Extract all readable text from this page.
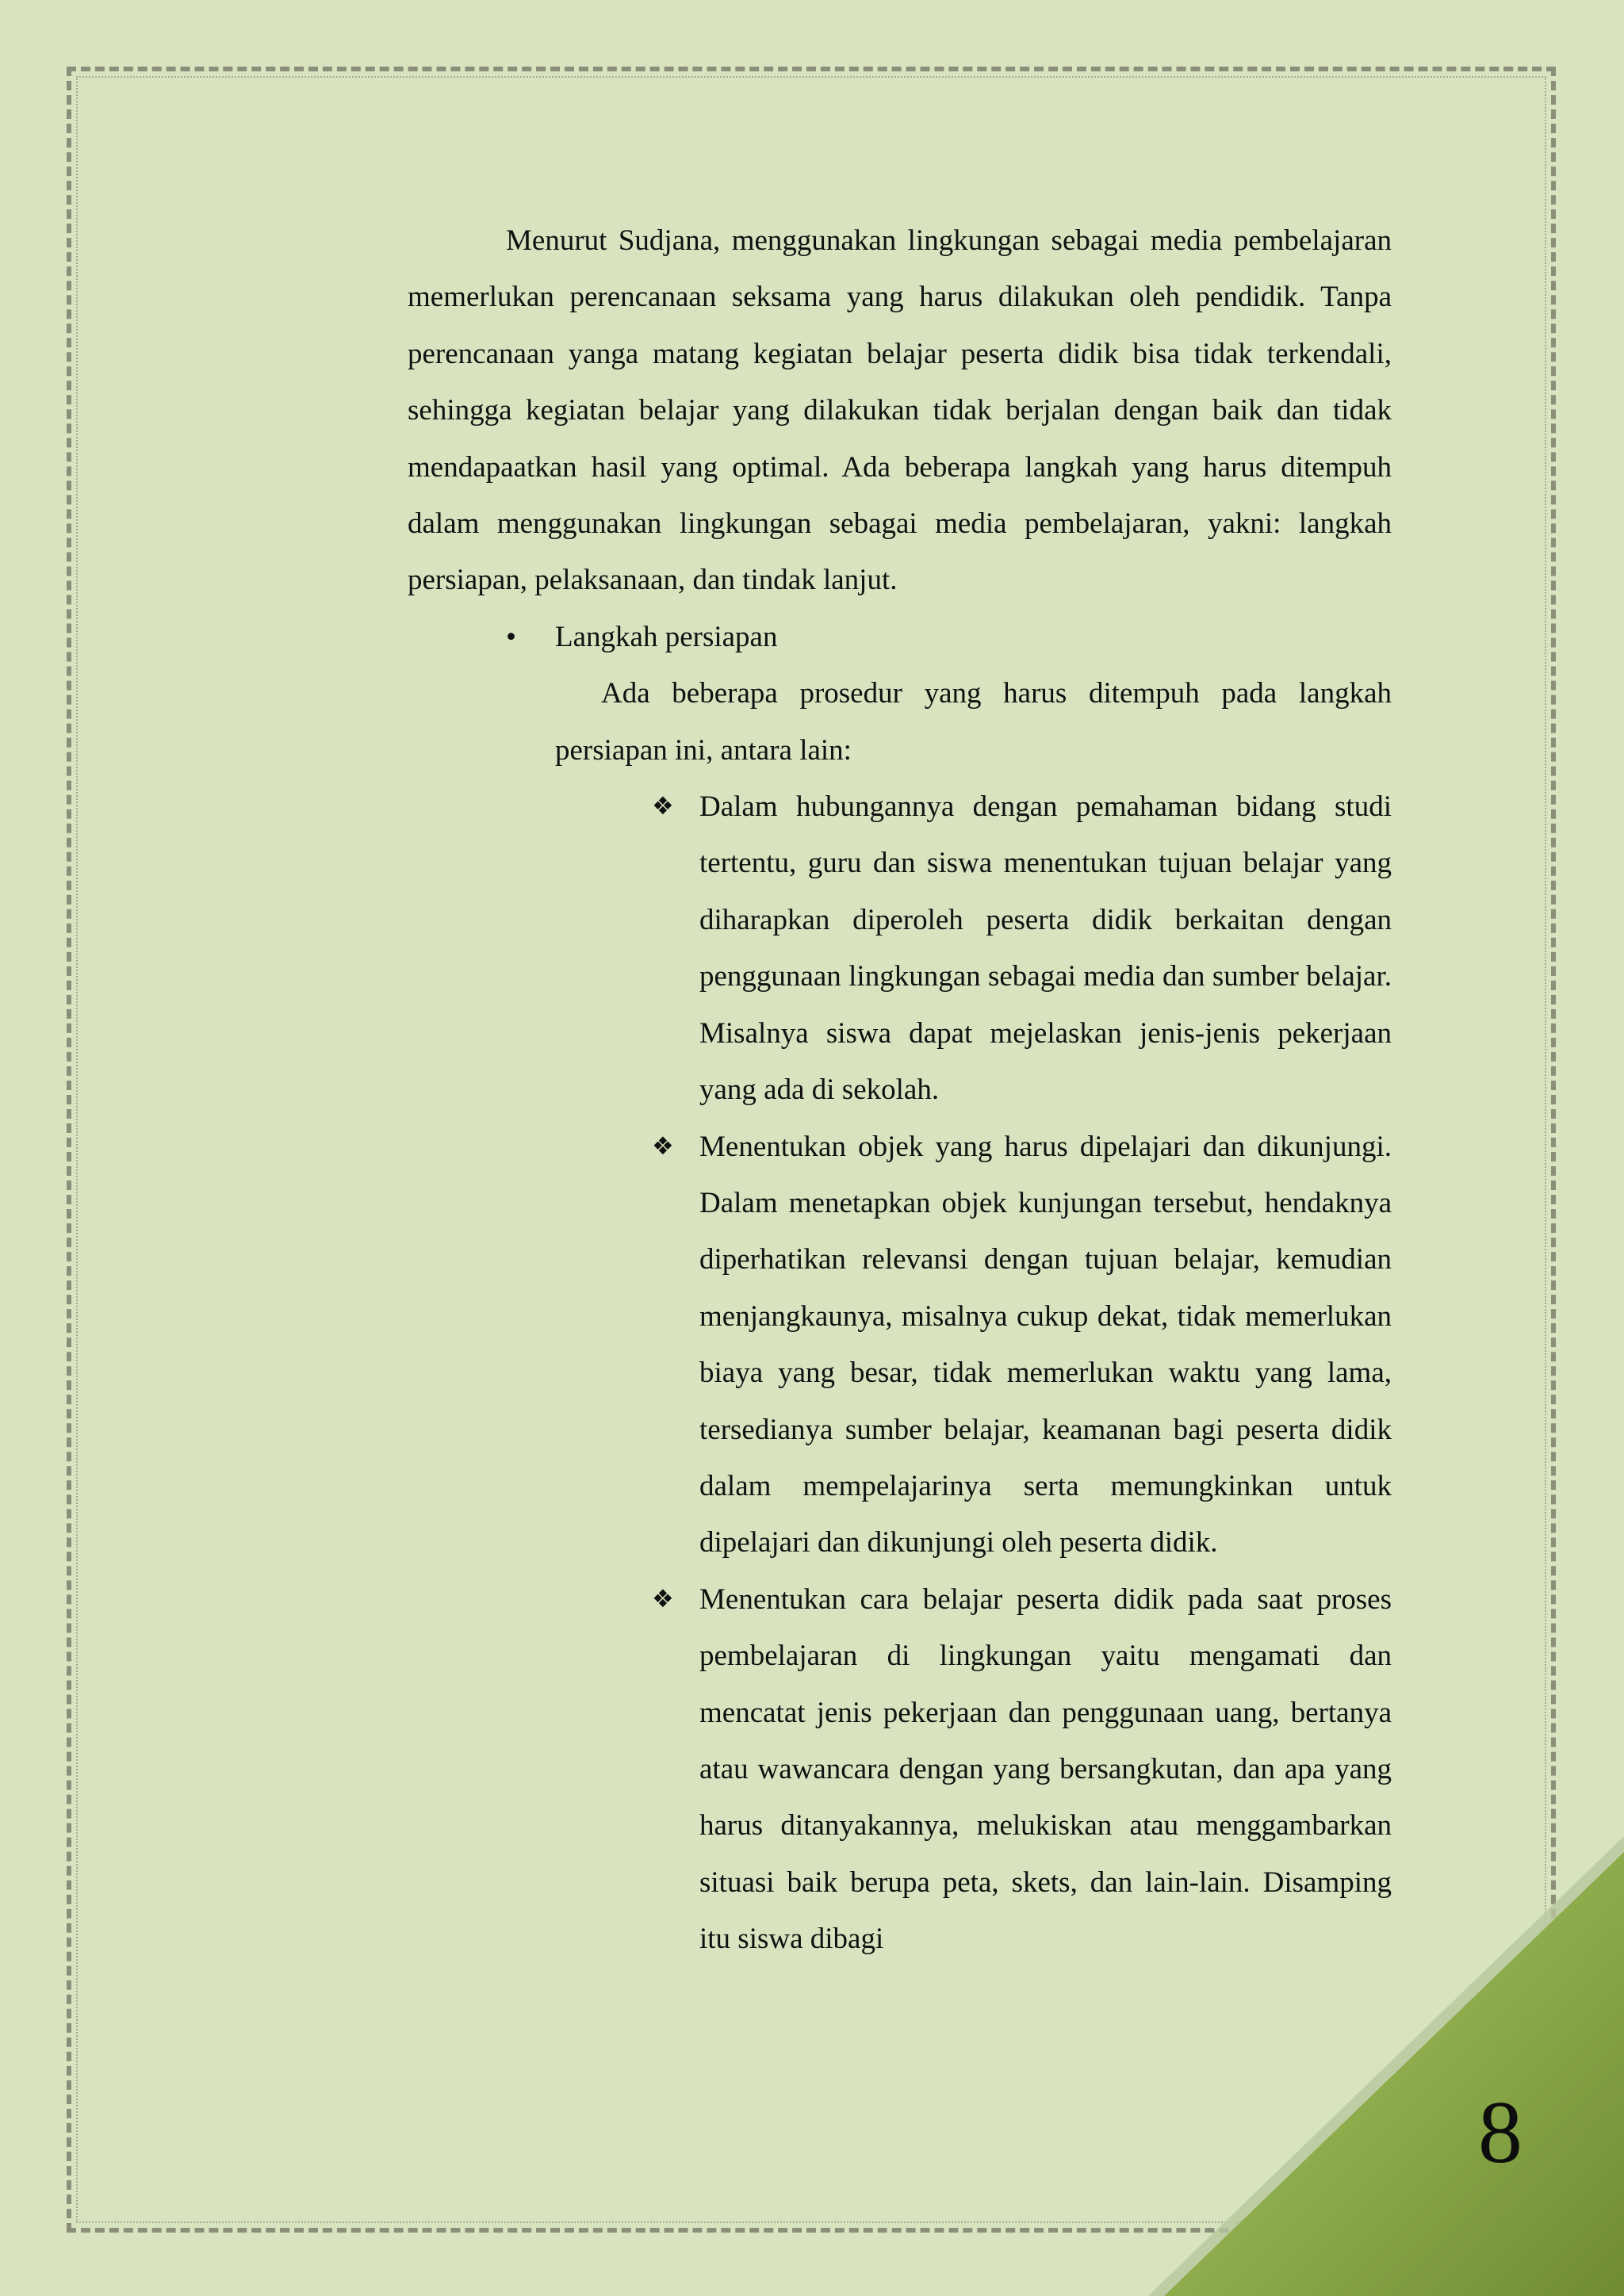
8

Menurut Sudjana, menggunakan lingkungan sebagai media pembelajaran memerlukan perencanaan seksama yang harus dilakukan oleh pendidik. Tanpa perencanaan yanga matang kegiatan belajar peserta didik bisa tidak terkendali, sehingga kegiatan belajar yang dilakukan tidak berjalan dengan baik dan tidak mendapaatkan hasil yang optimal. Ada beberapa langkah yang harus ditempuh dalam menggunakan lingkungan sebagai media pembelajaran, yakni: langkah persiapan, pelaksanaan, dan tindak lanjut.

• Langkah persiapan

Ada beberapa prosedur yang harus ditempuh pada langkah persiapan ini, antara lain:

❖ Dalam hubungannya dengan pemahaman bidang studi tertentu, guru dan siswa menentukan tujuan belajar yang diharapkan diperoleh peserta didik berkaitan dengan penggunaan lingkungan sebagai media dan sumber belajar. Misalnya siswa dapat mejelaskan jenis-jenis pekerjaan yang ada di sekolah.

❖ Menentukan objek yang harus dipelajari dan dikunjungi. Dalam menetapkan objek kunjungan tersebut, hendaknya diperhatikan relevansi dengan tujuan belajar, kemudian menjangkaunya, misalnya cukup dekat, tidak memerlukan biaya yang besar, tidak memerlukan waktu yang lama, tersedianya sumber belajar, keamanan bagi peserta didik dalam mempelajarinya serta memungkinkan untuk dipelajari dan dikunjungi oleh peserta didik.

❖ Menentukan cara belajar peserta didik pada saat proses pembelajaran di lingkungan yaitu mengamati dan mencatat jenis pekerjaan dan penggunaan uang, bertanya atau wawancara dengan yang bersangkutan, dan apa yang harus ditanyakannya, melukiskan atau menggambarkan situasi baik berupa peta, skets, dan lain-lain. Disamping itu siswa dibagi
